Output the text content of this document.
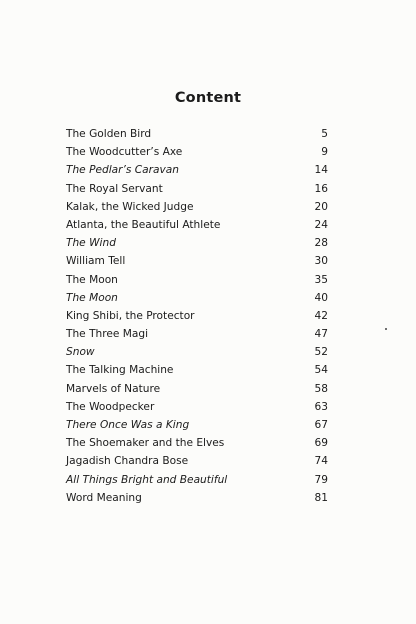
Content
The Golden Bird	5
The Woodcutter’s Axe	9
The Pedlar’s Caravan	14
The Royal Servant	16
Kalak, the Wicked Judge	20
Atlanta, the Beautiful Athlete	24
The Wind	28
William Tell	30
The Moon	35
The Moon	40
King Shibi, the Protector	42
The Three Magi	47
Snow	52
The Talking Machine	54
Marvels of Nature	58
The Woodpecker	63
There Once Was a King	67
The Shoemaker and the Elves	69
Jagadish Chandra Bose	74
All Things Bright and Beautiful	79
Word Meaning	81
